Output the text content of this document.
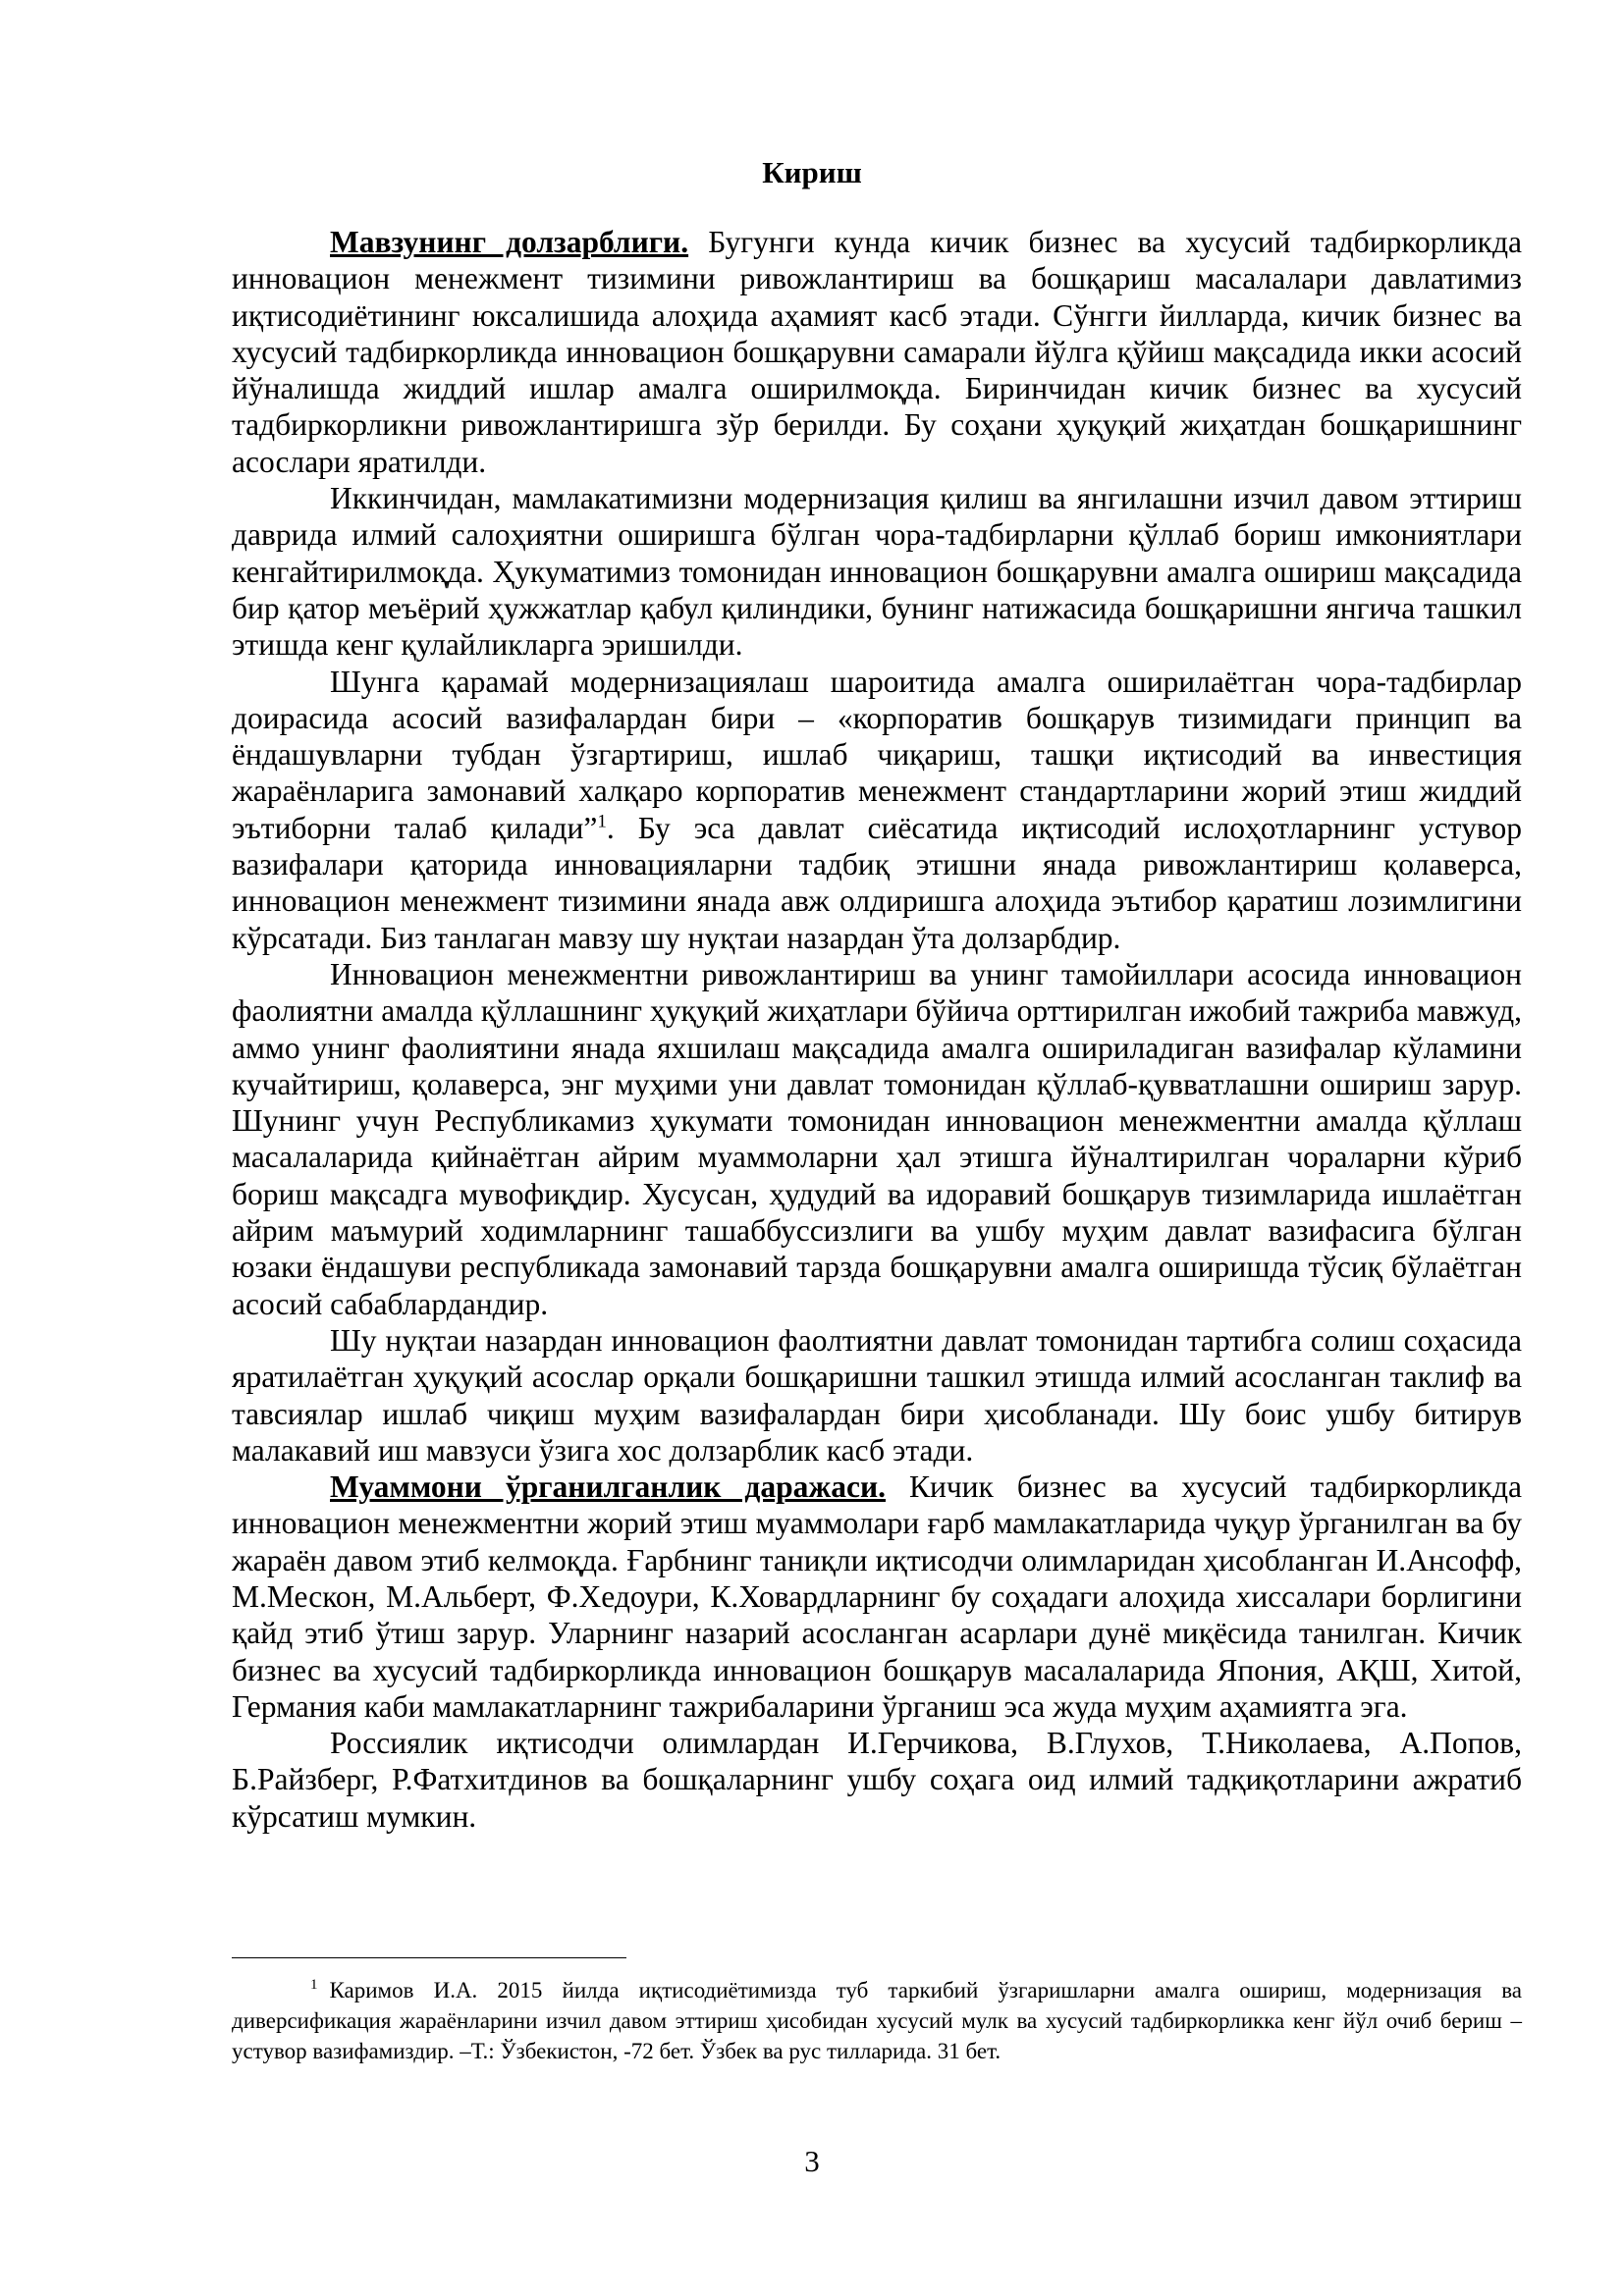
Кириш

Мавзунинг долзарблиги. Бугунги кунда кичик бизнес ва хусусий тадбиркорликда инновацион менежмент тизимини ривожлантириш ва бошқариш масалалари давлатимиз иқтисодиётининг юксалишида алоҳида аҳамият касб этади. Сўнгги йилларда, кичик бизнес ва хусусий тадбиркорликда инновацион бошқарувни самарали йўлга қўйиш мақсадида икки асосий йўналишда жиддий ишлар амалга оширилмоқда. Биринчидан кичик бизнес ва хусусий тадбиркорликни ривожлантиришга зўр берилди. Бу соҳани ҳуқуқий жиҳатдан бошқаришнинг асослари яратилди.

Иккинчидан, мамлакатимизни модернизация қилиш ва янгилашни изчил давом эттириш даврида илмий салоҳиятни оширишга бўлган чора-тадбирларни қўллаб бориш имкониятлари кенгайтирилмоқда. Ҳукуматимиз томонидан инновацион бошқарувни амалга ошириш мақсадида бир қатор меъёрий ҳужжатлар қабул қилиндики, бунинг натижасида бошқаришни янгича ташкил этишда кенг қулайликларга эришилди.

Шунга қарамай модернизациялаш шароитида амалга оширилаётган чора-тадбирлар доирасида асосий вазифалардан бири – «корпоратив бошқарув тизимидаги принцип ва ёндашувларни тубдан ўзгартириш, ишлаб чиқариш, ташқи иқтисодий ва инвестиция жараёнларига замонавий халқаро корпоратив менежмент стандартларини жорий этиш жиддий эътиборни талаб қилади”$^1$. Бу эса давлат сиёсатида иқтисодий ислоҳотларнинг устувор вазифалари қаторида инновацияларни тадбиқ этишни янада ривожлантириш қолаверса, инновацион менежмент тизимини янада авж олдиришга алоҳида эътибор қаратиш лозимлигини кўрсатади. Биз танлаган мавзу шу нуқтаи назардан ўта долзарбдир.

Инновацион менежментни ривожлантириш ва унинг тамойиллари асосида инновацион фаолиятни амалда қўллашнинг ҳуқуқий жиҳатлари бўйича орттирилган ижобий тажриба мавжуд, аммо унинг фаолиятини янада яхшилаш мақсадида амалга ошириладиган вазифалар кўламини кучайтириш, қолаверса, энг муҳими уни давлат томонидан қўллаб-қувватлашни ошириш зарур. Шунинг учун Республикамиз ҳукумати томонидан инновацион менежментни амалда қўллаш масалаларида қийнаётган айрим муаммоларни ҳал этишга йўналтирилган чораларни кўриб бориш мақсадга мувофиқдир. Хусусан, ҳудудий ва идоравий бошқарув тизимларида ишлаётган айрим маъмурий ходимларнинг ташаббуссизлиги ва ушбу муҳим давлат вазифасига бўлган юзаки ёндашуви республикада замонавий тарзда бошқарувни амалга оширишда тўсиқ бўлаётган асосий сабаблардандир.

Шу нуқтаи назардан инновацион фаолтиятни давлат томонидан тартибга солиш соҳасида яратилаётган ҳуқуқий асослар орқали бошқаришни ташкил этишда илмий асосланган таклиф ва тавсиялар ишлаб чиқиш муҳим вазифалардан бири ҳисобланади. Шу боис ушбу битирув малакавий иш мавзуси ўзига хос долзарблик касб этади.

Муаммони ўрганилганлик даражаси. Кичик бизнес ва хусусий тадбиркорликда инновацион менежментни жорий этиш муаммолари ғарб мамлакатларида чуқур ўрганилган ва бу жараён давом этиб келмоқда. Ғарбнинг таниқли иқтисодчи олимларидан ҳисобланган И.Ансофф, М.Мескон, М.Альберт, Ф.Хедоури, К.Ховардларнинг бу соҳадаги алоҳида хиссалари борлигини қайд этиб ўтиш зарур. Уларнинг назарий асосланган асарлари дунё миқёсида танилган. Кичик бизнес ва хусусий тадбиркорликда инновацион бошқарув масалаларида Япония, АҚШ, Хитой, Германия каби мамлакатларнинг тажрибаларини ўрганиш эса жуда муҳим аҳамиятга эга.

Россиялик иқтисодчи олимлардан И.Герчикова, В.Глухов, Т.Николаева, А.Попов, Б.Райзберг, Р.Фатхитдинов ва бошқаларнинг ушбу соҳага оид илмий тадқиқотларини ажратиб кўрсатиш мумкин.

$^1$ Каримов И.А. 2015 йилда иқтисодиётимизда туб таркибий ўзгаришларни амалга ошириш, модернизация ва диверсификация жараёнларини изчил давом эттириш ҳисобидан хусусий мулк ва хусусий тадбиркорликка кенг йўл очиб бериш – устувор вазифамиздир. –Т.: Ўзбекистон, -72 бет. Ўзбек ва рус тилларида. 31 бет.

3
